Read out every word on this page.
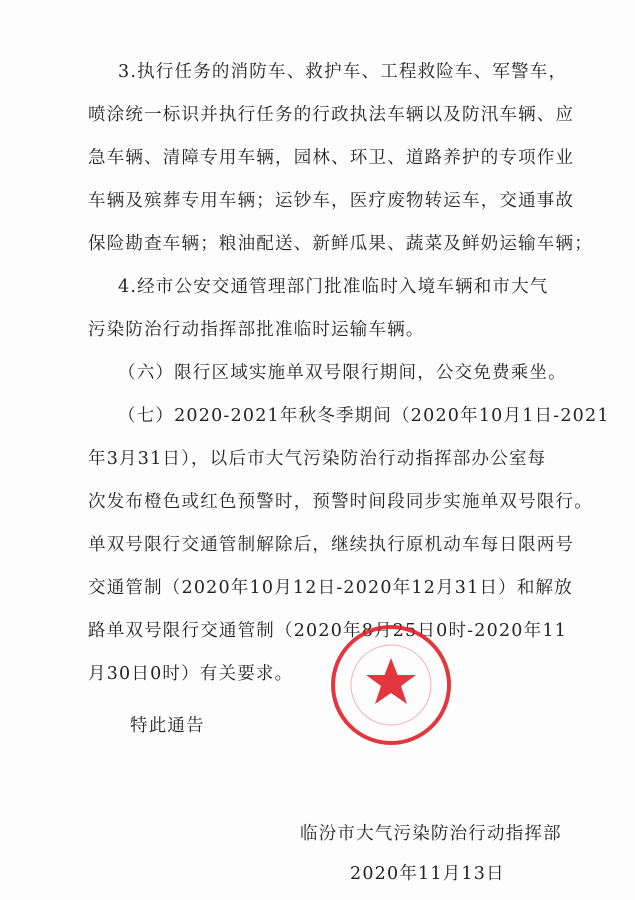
3.执行任务的消防车、救护车、工程救险车、军警车，
喷涂统一标识并执行任务的行政执法车辆以及防汛车辆、应
急车辆、清障专用车辆，园林、环卫、道路养护的专项作业
车辆及殡葬专用车辆；运钞车，医疗废物转运车，交通事故
保险勘查车辆；粮油配送、新鲜瓜果、蔬菜及鲜奶运输车辆；
4.经市公安交通管理部门批准临时入境车辆和市大气
污染防治行动指挥部批准临时运输车辆。
（六）限行区域实施单双号限行期间，公交免费乘坐。
（七）2020-2021年秋冬季期间（2020年10月1日-2021
年3月31日），以后市大气污染防治行动指挥部办公室每
次发布橙色或红色预警时，预警时间段同步实施单双号限行。
单双号限行交通管制解除后，继续执行原机动车每日限两号
交通管制（2020年10月12日-2020年12月31日）和解放
路单双号限行交通管制（2020年8月25日0时-2020年11
月30日0时）有关要求。
特此通告
临汾市大气污染防治行动指挥部
2020年11月13日
